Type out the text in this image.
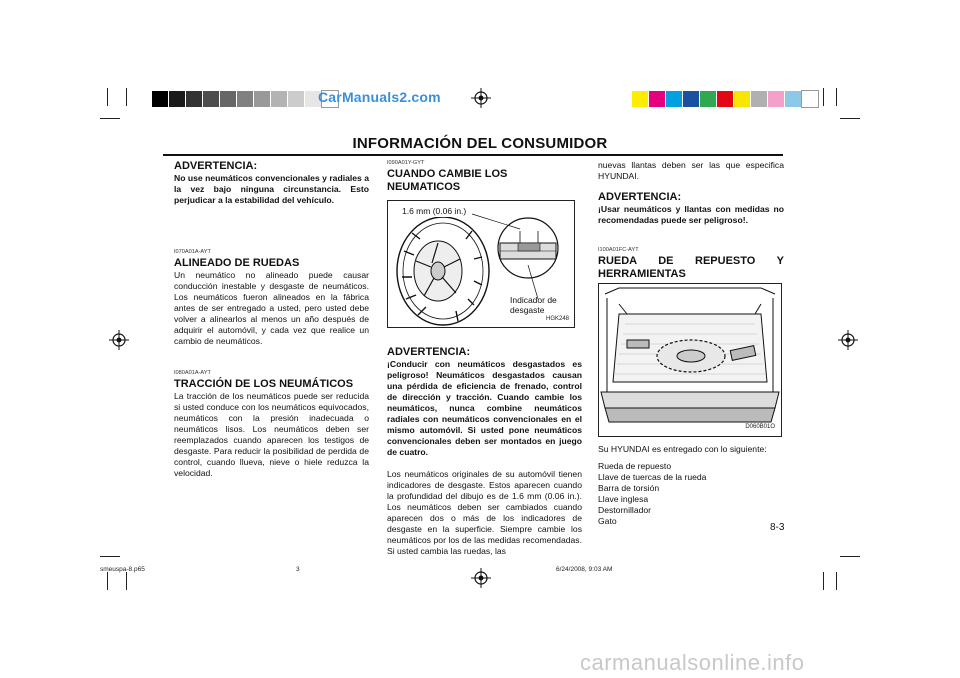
CarManuals2.com
INFORMACIÓN DEL CONSUMIDOR

ADVERTENCIA:

No use neumáticos convencionales y radiales a la vez bajo ninguna circunstancia. Esto perjudicar a la estabilidad del vehículo.

I070A01A-AYT

ALINEADO DE RUEDAS

Un neumático no alineado puede causar conducción inestable y desgaste de neumáticos. Los neumáticos fueron alineados en la fábrica antes de ser entregado a usted, pero usted debe volver a alinearlos al menos un año después de adquirir el automóvil, y cada vez que realice un cambio de neumáticos.

I080A01A-AYT

TRACCIÓN DE LOS NEUMÁTICOS

La tracción de los neumáticos puede ser reducida si usted conduce con los neumáticos equivocados, neumáticos con la presión inadecuada o neumáticos lisos. Los neumáticos deben ser reemplazados cuando aparecen los testigos de desgaste. Para reducir la posibilidad de perdida de control, cuando llueva, nieve o hiele reduzca la velocidad.

I090A01Y-GYT

CUANDO CAMBIE LOS NEUMATICOS

1.6 mm (0.06 in.)
Indicador de
desgaste
HGK248

ADVERTENCIA:

¡Conducir con neumáticos desgastados es peligroso! Neumáticos desgastados causan una pérdida de eficiencia de frenado, control de dirección y tracción. Cuando cambie los neumáticos, nunca combine neumáticos radiales con neumáticos convencionales en el mismo automóvil. Si usted pone neumáticos convencionales deben ser montados en juego de cuatro.

Los neumáticos originales de su automóvil tienen indicadores de desgaste. Estos aparecen cuando la profundidad del dibujo es de 1.6 mm (0.06 in.). Los neumáticos deben ser cambiados cuando aparecen dos o más de los indicadores de desgaste en la superficie. Siempre cambie los neumáticos por los de las medidas recomendadas. Si usted cambia las ruedas, las

nuevas llantas deben ser las que especifica HYUNDAI.

ADVERTENCIA:

¡Usar neumáticos y llantas con medidas no recomendadas puede ser peligroso!.

I100A01FC-AYT

RUEDA DE REPUESTO Y

HERRAMIENTAS

D060B01O

Su HYUNDAI es entregado con lo siguiente:

Rueda de repuesto
Llave de tuercas de la rueda
Barra de torsión
Llave inglesa
Destornillador
Gato
8-3
smeuspa-8.p65	3	6/24/2008, 9:03 AM
carmanualsonline.info
